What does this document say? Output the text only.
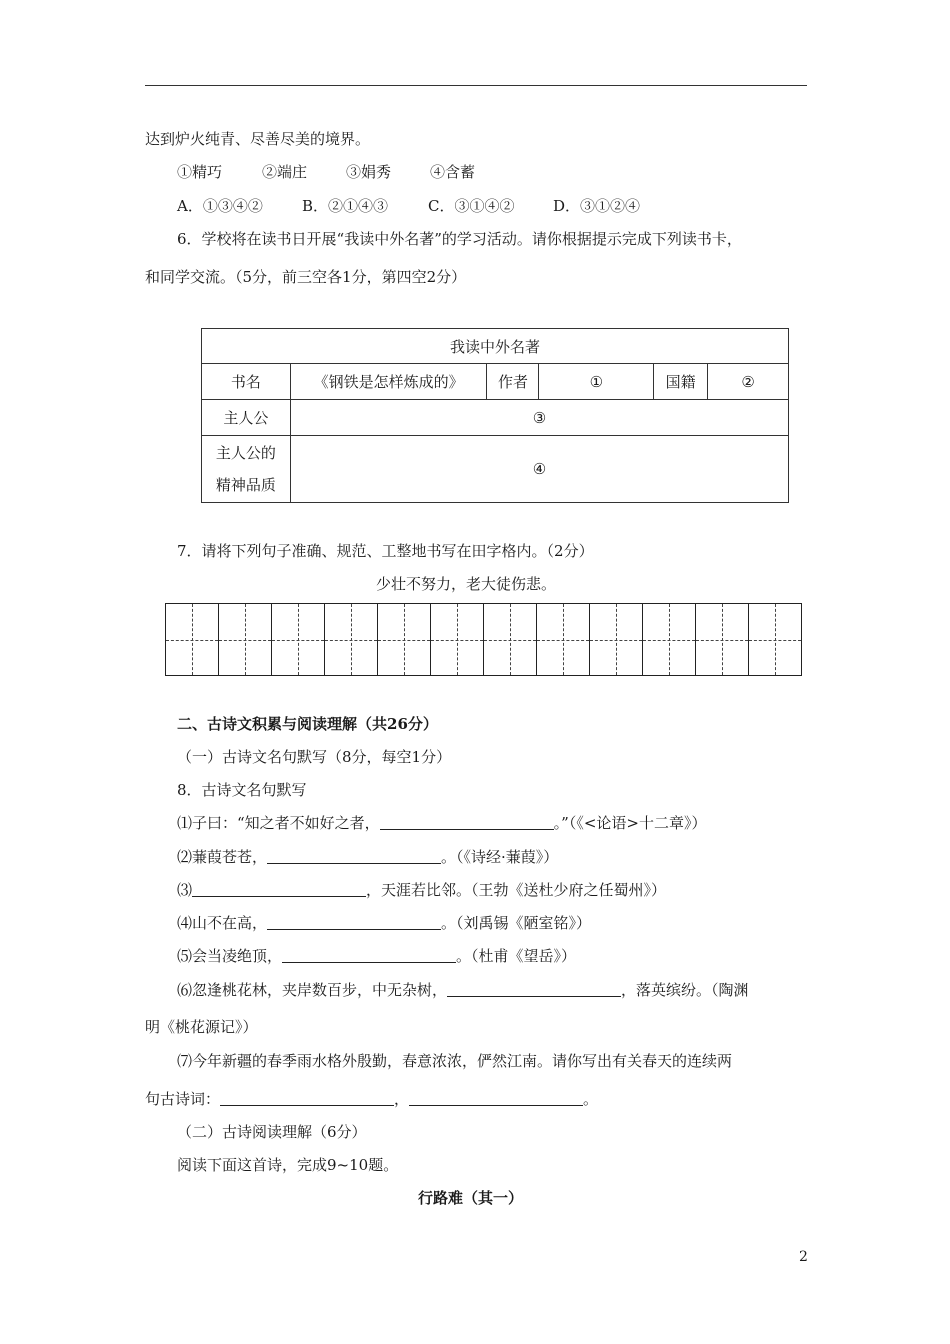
达到炉火纯青、尽善尽美的境界。
①精巧	②端庄	③娟秀	④含蓄
A．①③④②	B．②①④③	C．③①④②	D．③①②④
6．学校将在读书日开展“我读中外名著”的学习活动。请你根据提示完成下列读书卡，
和同学交流。（5分，前三空各1分，第四空2分）
我读中外名著					
书名	《钢铁是怎样炼成的》	作者	①	国籍	②
主人公	③				

主人公的
精神品质	④				
7．请将下列句子准确、规范、工整地书写在田字格内。（2分）
少壮不努力，老大徒伤悲。
二、古诗文积累与阅读理解（共26分）
（一）古诗文名句默写（8分，每空1分）
8．古诗文名句默写
⑴子曰：“知之者不如好之者，	。”（《<论语>十二章》）
⑵蒹葭苍苍，	。（《诗经·蒹葭》）
⑶	，天涯若比邻。（王勃《送杜少府之任蜀州》）
⑷山不在高，	。（刘禹锡《陋室铭》）
⑸会当凌绝顶，	。（杜甫《望岳》）
⑹忽逢桃花林，夹岸数百步，中无杂树，	，落英缤纷。（陶渊
明《桃花源记》）
⑺今年新疆的春季雨水格外殷勤，春意浓浓，俨然江南。请你写出有关春天的连续两
句古诗词：	，	。
（二）古诗阅读理解（6分）
阅读下面这首诗，完成9~10题。
行路难（其一）
2
